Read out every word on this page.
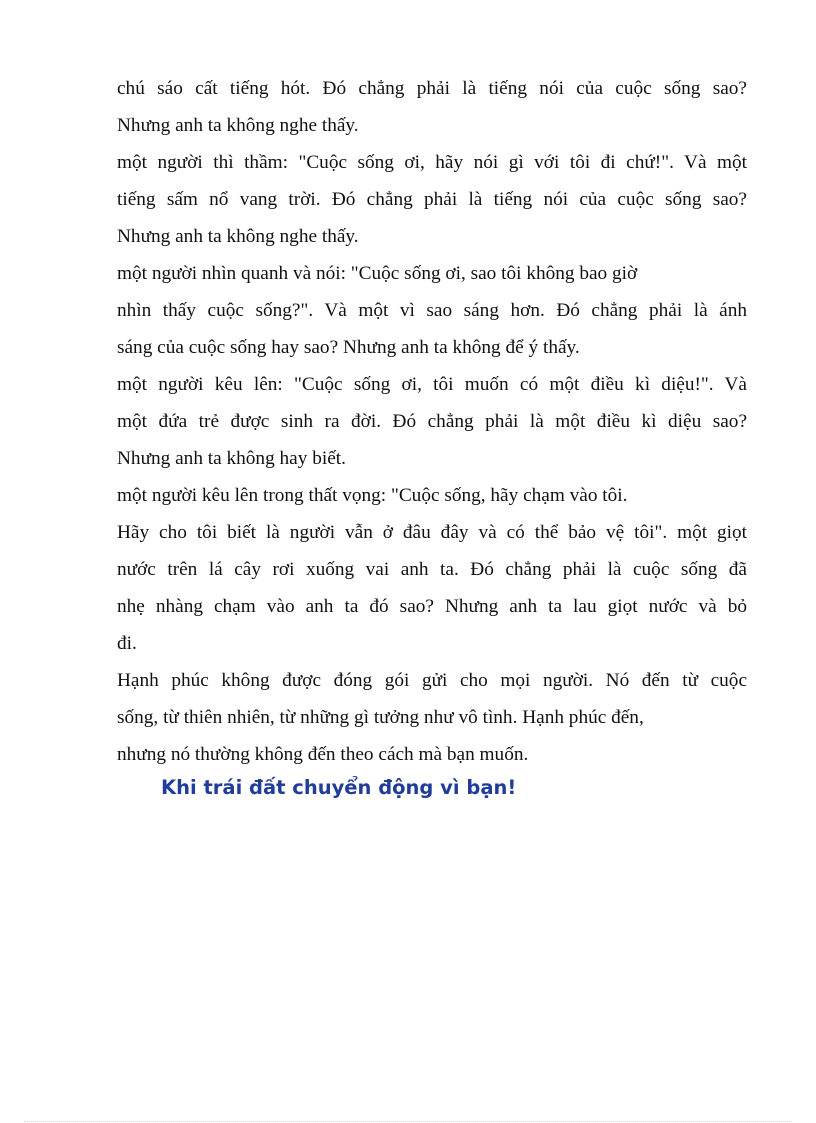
chú sáo cất tiếng hót. Đó chẳng phải là tiếng nói của cuộc sống sao?
Nhưng anh ta không nghe thấy.
một người thì thầm: "Cuộc sống ơi, hãy nói gì với tôi đi chứ!". Và một
tiếng sấm nổ vang trời. Đó chẳng phải là tiếng nói của cuộc sống sao?
Nhưng anh ta không nghe thấy.
một người nhìn quanh và nói: "Cuộc sống ơi, sao tôi không bao giờ
nhìn thấy cuộc sống?". Và một vì sao sáng hơn. Đó chẳng phải là ánh
sáng của cuộc sống hay sao? Nhưng anh ta không để ý thấy.
một người kêu lên: "Cuộc sống ơi, tôi muốn có một điều kì diệu!". Và
một đứa trẻ được sinh ra đời. Đó chẳng phải là một điều kì diệu sao?
Nhưng anh ta không hay biết.
một người kêu lên trong thất vọng: "Cuộc sống, hãy chạm vào tôi.
Hãy cho tôi biết là người vẫn ở đâu đây và có thể bảo vệ tôi". một giọt
nước trên lá cây rơi xuống vai anh ta. Đó chẳng phải là cuộc sống đã
nhẹ nhàng chạm vào anh ta đó sao? Nhưng anh ta lau giọt nước và bỏ
đi.
Hạnh phúc không được đóng gói gửi cho mọi người. Nó đến từ cuộc
sống, từ thiên nhiên, từ những gì tưởng như vô tình. Hạnh phúc đến,
nhưng nó thường không đến theo cách mà bạn muốn.
Khi trái đất chuyển động vì bạn!
